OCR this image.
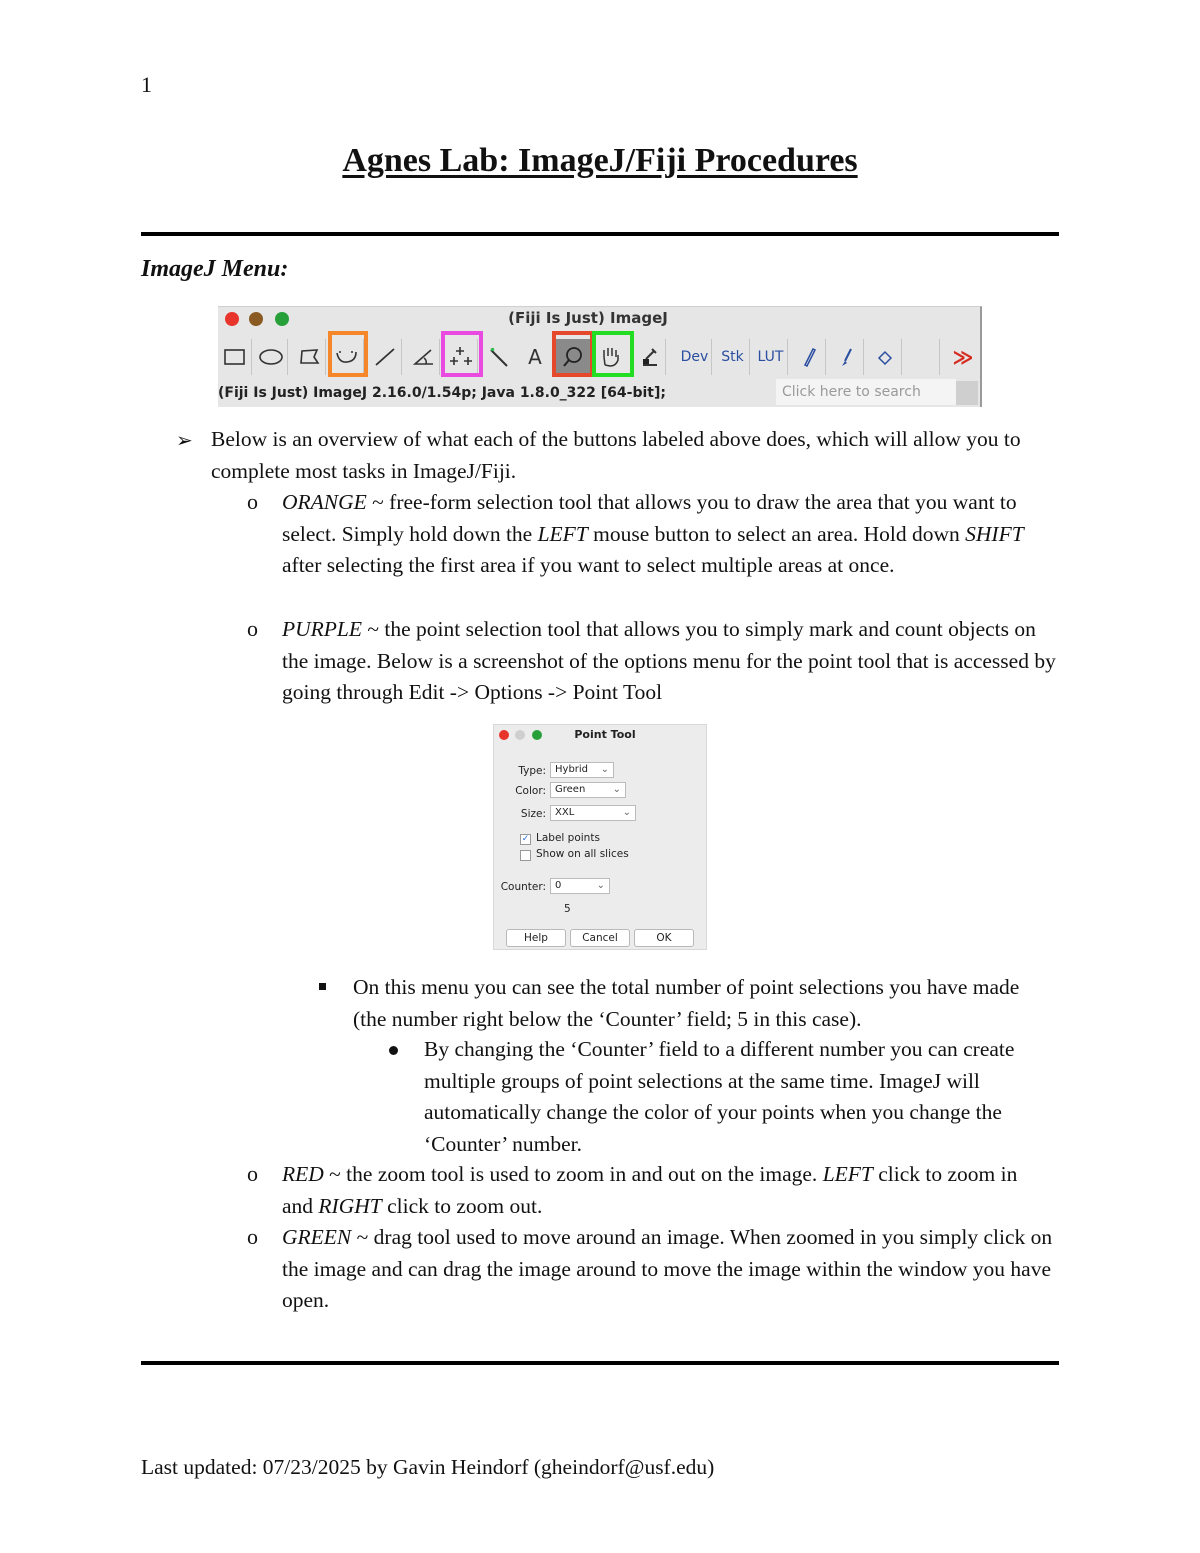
1
Agnes Lab: ImageJ/Fiji Procedures
ImageJ Menu:
(Fiji Is Just) ImageJ
A	Dev Stk LUT	≫
(Fiji Is Just) ImageJ 2.16.0/1.54p; Java 1.8.0_322 [64-bit];	Click here to search
➢ Below is an overview of what each of the buttons labeled above does, which will allow you to complete most tasks in ImageJ/Fiji.

o ORANGE ~ free-form selection tool that allows you to draw the area that you want to select. Simply hold down the LEFT mouse button to select an area. Hold down SHIFT after selecting the first area if you want to select multiple areas at once.

o PURPLE ~ the point selection tool that allows you to simply mark and count objects on the image. Below is a screenshot of the options menu for the point tool that is accessed by going through Edit -> Options -> Point Tool

Point Tool
Type: Hybrid ⌄
Color: Green	⌄
Size: XXL	⌄
✓ Label points
Show on all slices
Counter: 0	⌄
5
Help	Cancel	OK

On this menu you can see the total number of point selections you have made (the number right below the ‘Counter’ field; 5 in this case).

By changing the ‘Counter’ field to a different number you can create multiple groups of point selections at the same time. ImageJ will automatically change the color of your points when you change the ‘Counter’ number.

o RED ~ the zoom tool is used to zoom in and out on the image. LEFT click to zoom in and RIGHT click to zoom out.

o GREEN ~ drag tool used to move around an image. When zoomed in you simply click on the image and can drag the image around to move the image within the window you have open.

Last updated: 07/23/2025 by Gavin Heindorf (gheindorf@usf.edu)
